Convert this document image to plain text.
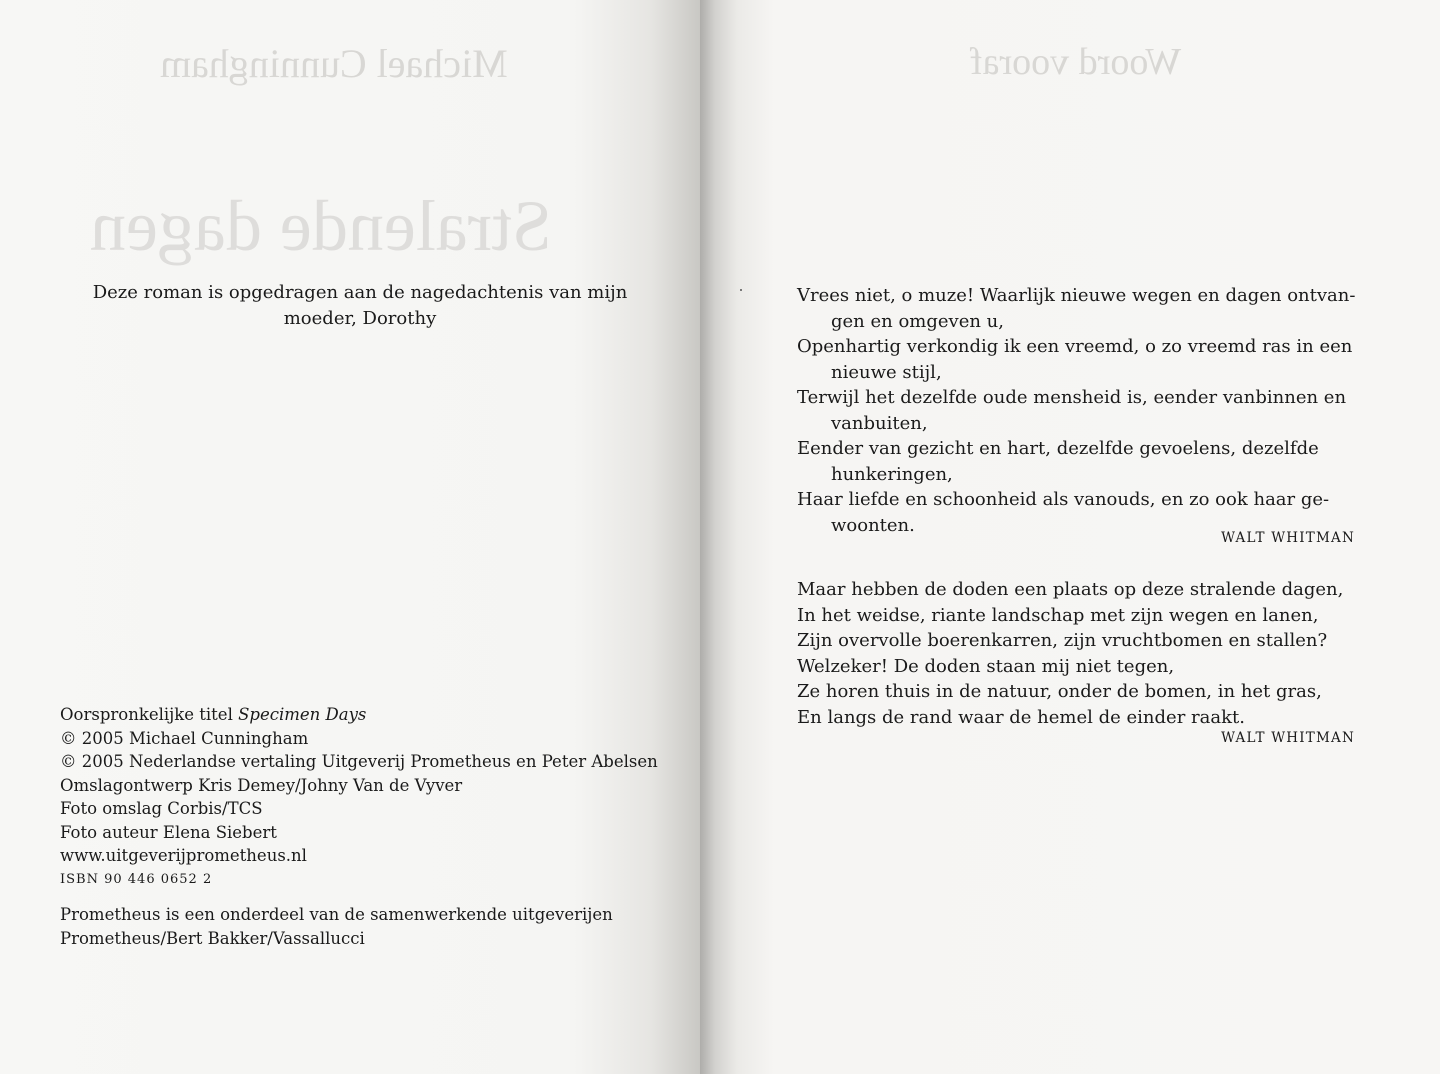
Michael Cunningham
Stralende dagen

Deze roman is opgedragen aan de nagedachtenis van mijn
moeder, Dorothy

Oorspronkelijke titel Specimen Days
© 2005 Michael Cunningham
© 2005 Nederlandse vertaling Uitgeverij Prometheus en Peter Abelsen
Omslagontwerp Kris Demey/Johny Van de Vyver
Foto omslag Corbis/TCS
Foto auteur Elena Siebert
www.uitgeverijprometheus.nl
ISBN 90 446 0652 2
Prometheus is een onderdeel van de samenwerkende uitgeverijen
Prometheus/Bert Bakker/Vassallucci
Woord vooraf
Vrees niet, o muze! Waarlijk nieuwe wegen en dagen ontvan-
gen en omgeven u,
Openhartig verkondig ik een vreemd, o zo vreemd ras in een
nieuwe stijl,
Terwijl het dezelfde oude mensheid is, eender vanbinnen en
vanbuiten,
Eender van gezicht en hart, dezelfde gevoelens, dezelfde
hunkeringen,
Haar liefde en schoonheid als vanouds, en zo ook haar ge-
woonten.

WALT WHITMAN

Maar hebben de doden een plaats op deze stralende dagen,
In het weidse, riante landschap met zijn wegen en lanen,
Zijn overvolle boerenkarren, zijn vruchtbomen en stallen?
Welzeker! De doden staan mij niet tegen,
Ze horen thuis in de natuur, onder de bomen, in het gras,
En langs de rand waar de hemel de einder raakt.

WALT WHITMAN
